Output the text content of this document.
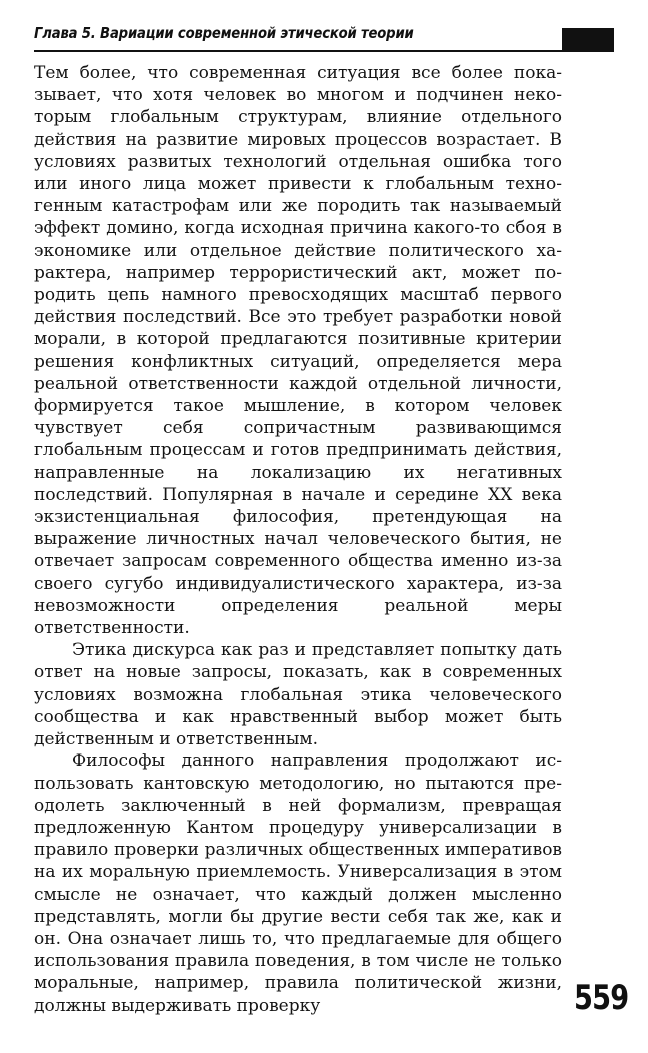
Глава 5. Вариации современной этической теории

Тем более, что современная ситуация все более показывает, что хотя человек во многом и подчинен некоторым глобальным структурам, влияние отдельного действия на развитие мировых процессов возрастает. В условиях развитых технологий отдельная ошибка того или иного лица может привести к глобальным техногенным катастрофам или же породить так называемый эффект домино, когда исходная причина какого-то сбоя в экономике или отдельное действие политического характера, например террористический акт, может породить цепь намного превосходящих масштаб первого действия последствий. Все это требует разработки новой морали, в которой предлагаются позитивные критерии решения конфликтных ситуаций, определяется мера реальной ответственности каждой отдельной личности, формируется такое мышление, в котором человек чувствует себя сопричастным развивающимся глобальным процессам и готов предпринимать действия, направленные на локализацию их негативных последствий. Популярная в начале и середине XX века экзистенциальная философия, претендующая на выражение личностных начал человеческого бытия, не отвечает запросам современного общества именно из-за своего сугубо индивидуалистического характера, из-за невозможности определения реальной меры ответственности.

Этика дискурса как раз и представляет попытку дать ответ на новые запросы, показать, как в современных условиях возможна глобальная этика человеческого сообщества и как нравственный выбор может быть действенным и ответственным.

Философы данного направления продолжают использовать кантовскую методологию, но пытаются преодолеть заключенный в ней формализм, превращая предложенную Кантом процедуру универсализации в правило проверки различных общественных императивов на их моральную приемлемость. Универсализация в этом смысле не означает, что каждый должен мысленно представлять, могли бы другие вести себя так же, как и он. Она означает лишь то, что предлагаемые для общего использования правила поведения, в том числе не только моральные, например, правила политической жизни, должны выдерживать проверку	559
